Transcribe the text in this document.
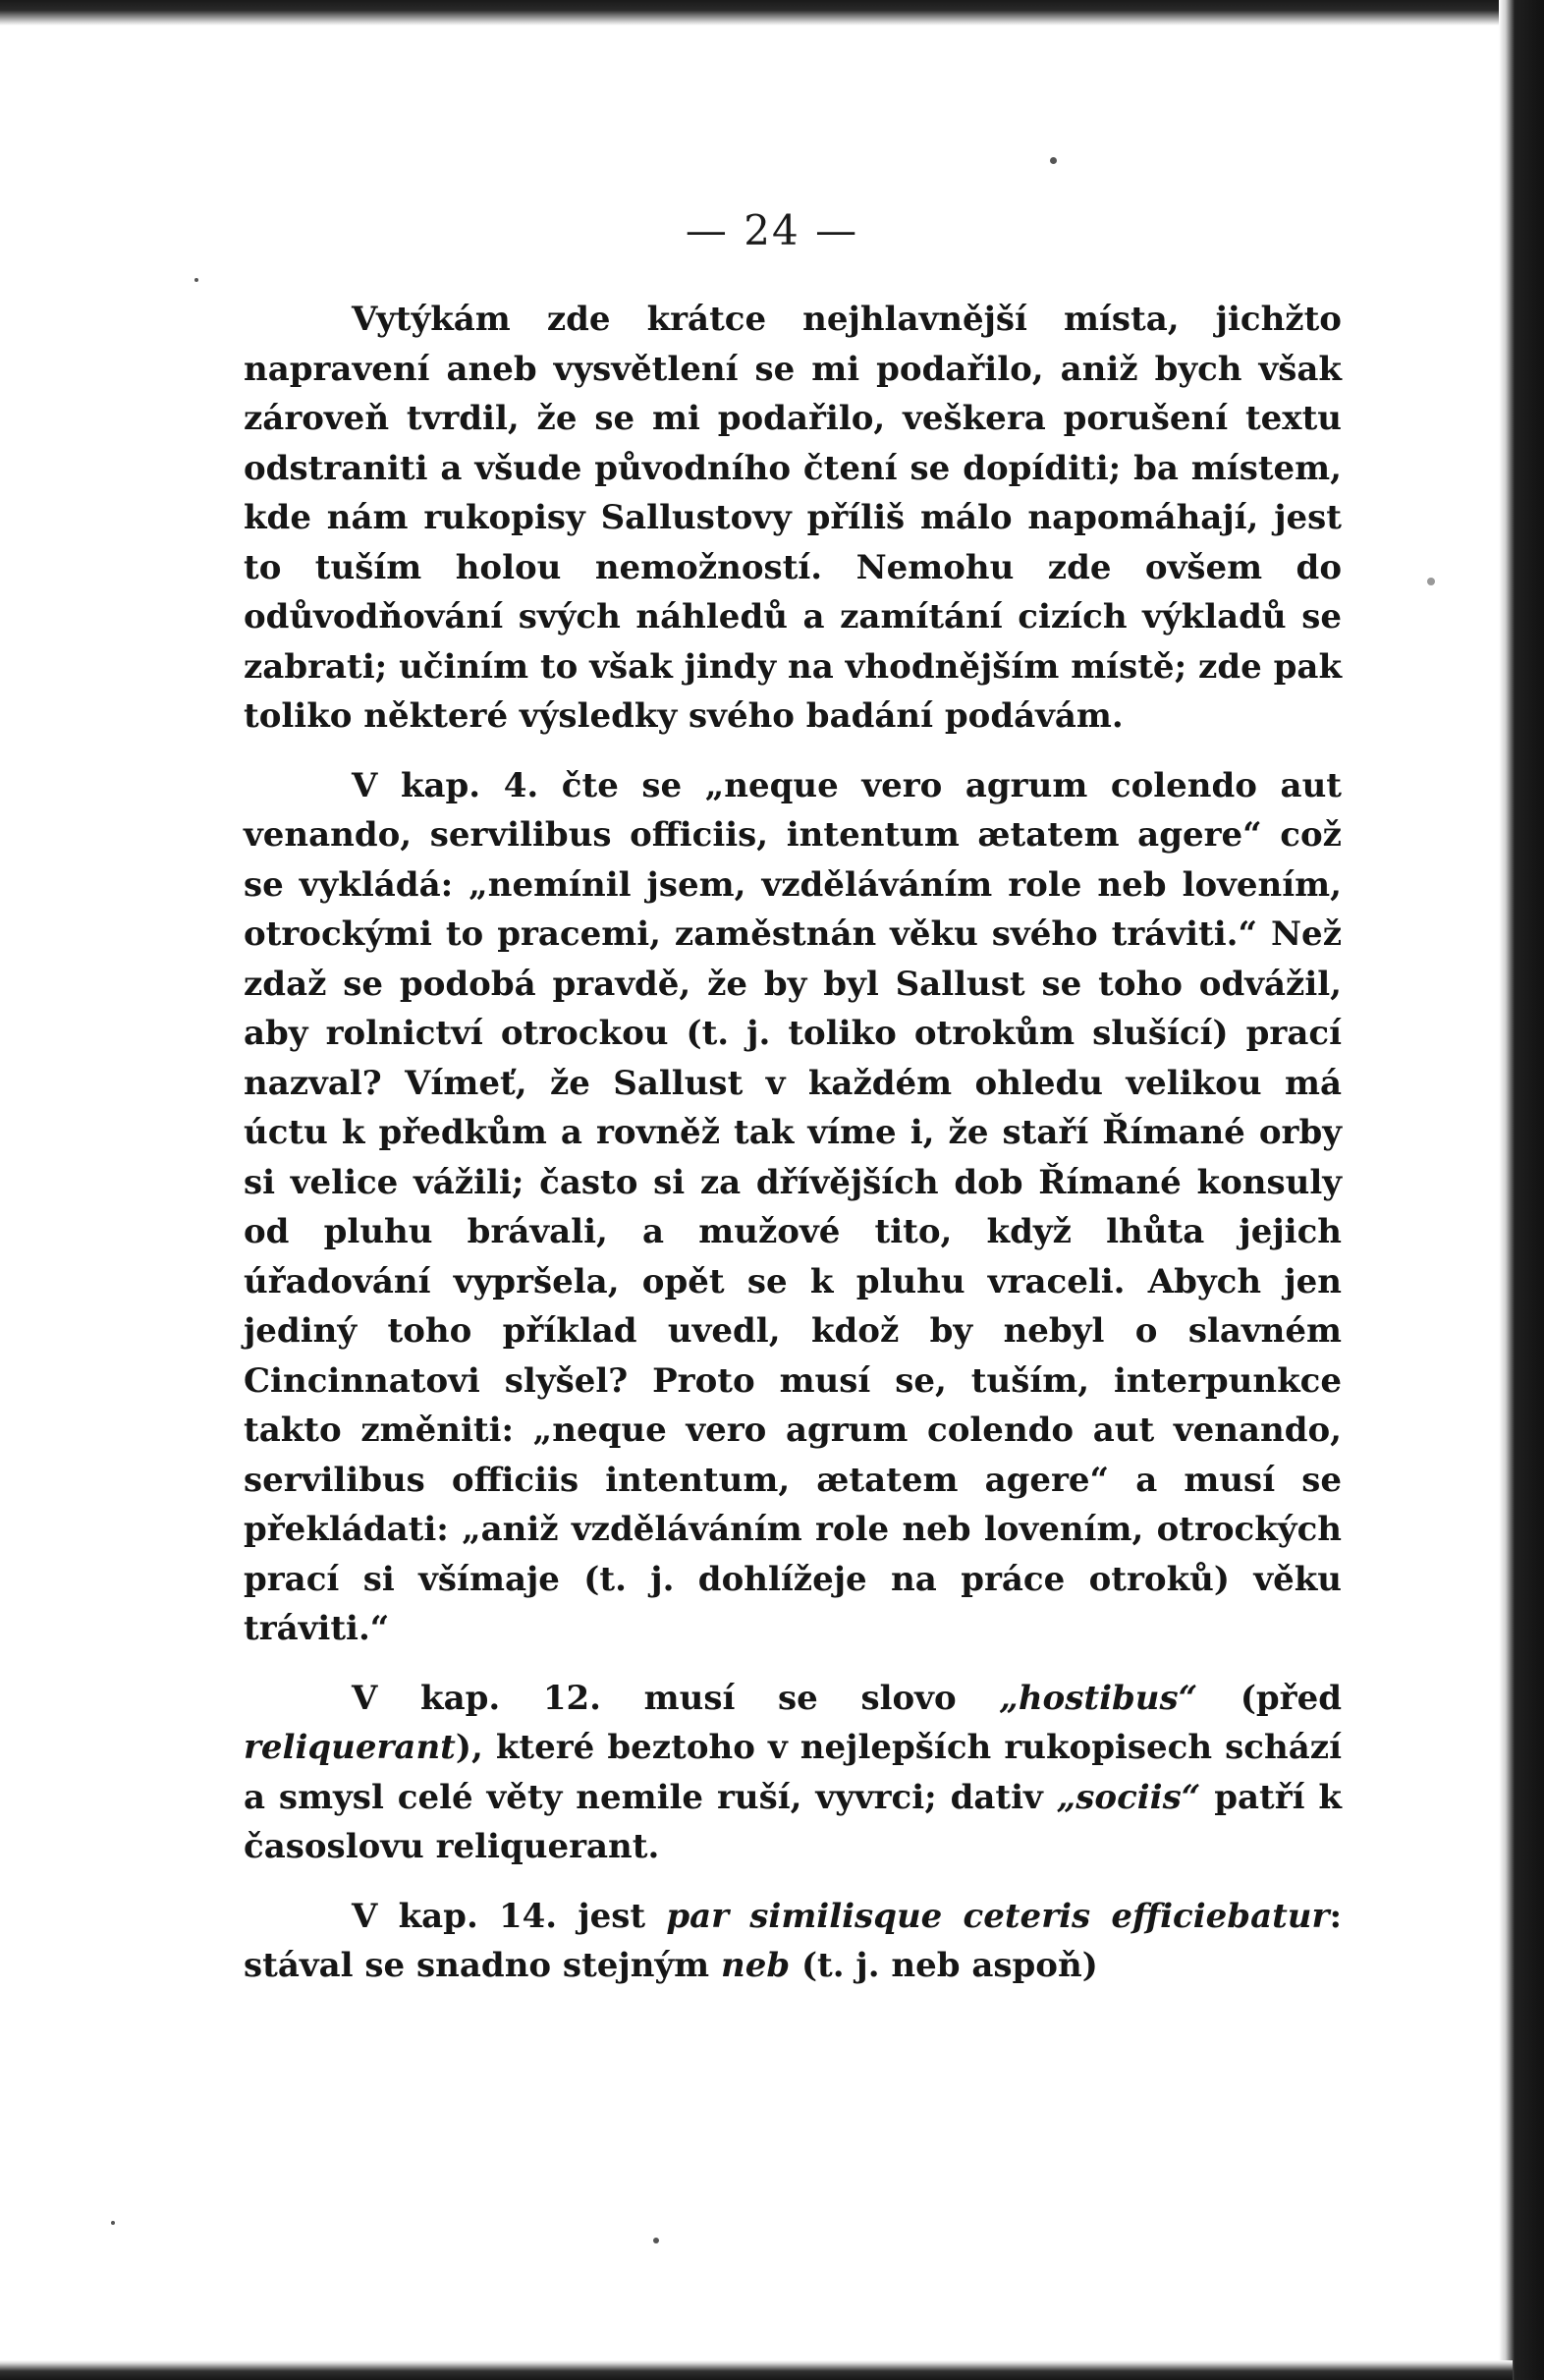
— 24 —

Vytýkám zde krátce nejhlavnější místa, jichžto napravení aneb vysvětlení se mi podařilo, aniž bych však zároveň tvrdil, že se mi podařilo, veškera porušení textu odstraniti a všude původního čtení se dopíditi; ba místem, kde nám rukopisy Sallustovy příliš málo napomáhají, jest to tuším holou nemožností. Nemohu zde ovšem do odůvodňování svých náhledů a zamítání cizích výkladů se zabrati; učiním to však jindy na vhodnějším místě; zde pak toliko některé výsledky svého badání podávám.

V kap. 4. čte se „neque vero agrum colendo aut venando, servilibus officiis, intentum ætatem agere“ což se vykládá: „nemínil jsem, vzděláváním role neb lovením, otrockými to pracemi, zaměstnán věku svého tráviti.“ Než zdaž se podobá pravdě, že by byl Sallust se toho odvážil, aby rolnictví otrockou (t. j. toliko otrokům slušící) prací nazval? Vímeť, že Sallust v každém ohledu velikou má úctu k předkům a rovněž tak víme i, že staří Římané orby si velice vážili; často si za dřívějších dob Římané konsuly od pluhu brávali, a mužové tito, když lhůta jejich úřadování vypršela, opět se k pluhu vraceli. Abych jen jediný toho příklad uvedl, kdož by nebyl o slavném Cincinnatovi slyšel? Proto musí se, tuším, interpunkce takto změniti: „neque vero agrum colendo aut venando, servilibus officiis intentum, ætatem agere“ a musí se překládati: „aniž vzděláváním role neb lovením, otrockých prací si všímaje (t. j. dohlížeje na práce otroků) věku tráviti.“

V kap. 12. musí se slovo „hostibus“ (před reliquerant), které beztoho v nejlepších rukopisech schází a smysl celé věty nemile ruší, vyvrci; dativ „sociis“ patří k časoslovu reliquerant.

V kap. 14. jest par similisque ceteris efficiebatur: stával se snadno stejným neb (t. j. neb aspoň)
